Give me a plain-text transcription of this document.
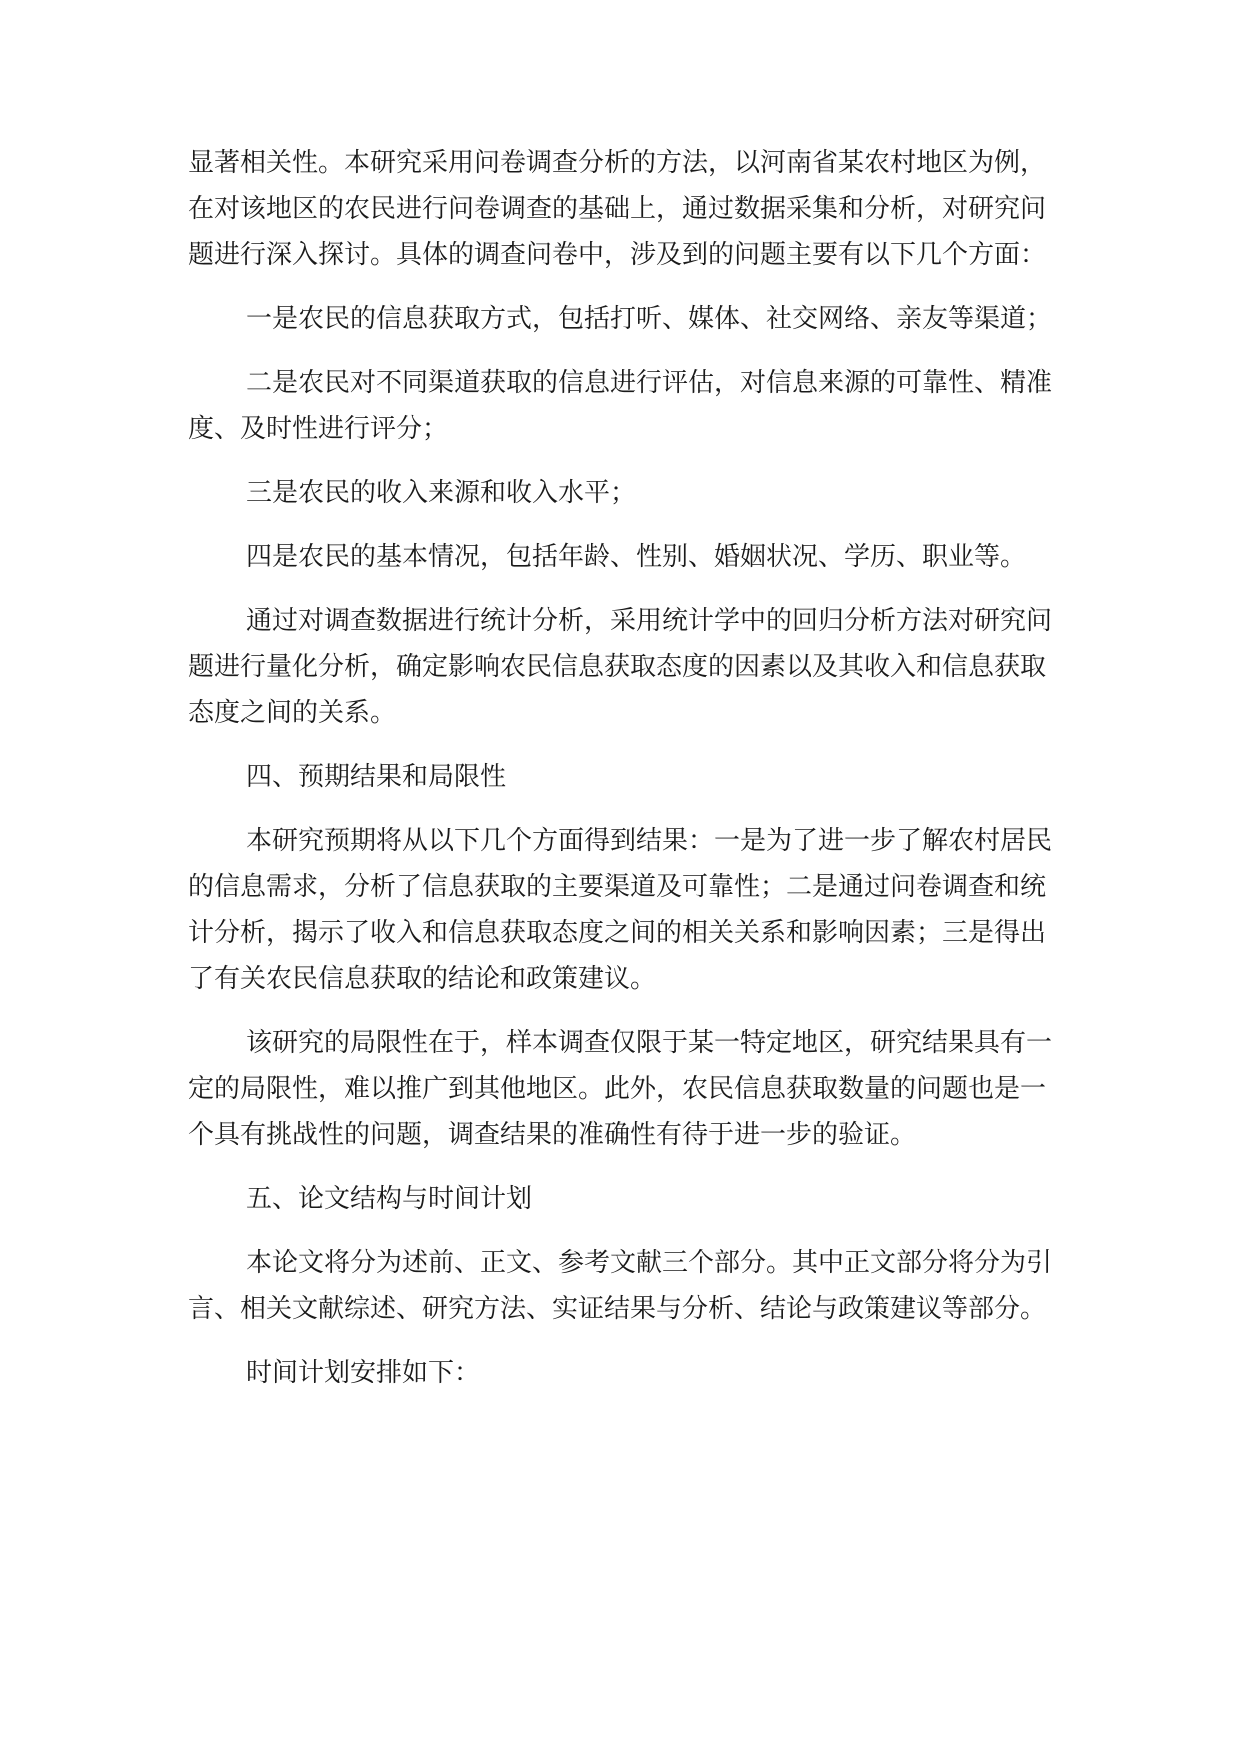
显著相关性。本研究采用问卷调查分析的方法，以河南省某农村地区为例，在对该地区的农民进行问卷调查的基础上，通过数据采集和分析，对研究问题进行深入探讨。具体的调查问卷中，涉及到的问题主要有以下几个方面：

一是农民的信息获取方式，包括打听、媒体、社交网络、亲友等渠道；

二是农民对不同渠道获取的信息进行评估，对信息来源的可靠性、精准度、及时性进行评分；

三是农民的收入来源和收入水平；

四是农民的基本情况，包括年龄、性别、婚姻状况、学历、职业等。

通过对调查数据进行统计分析，采用统计学中的回归分析方法对研究问题进行量化分析，确定影响农民信息获取态度的因素以及其收入和信息获取态度之间的关系。

四、预期结果和局限性

本研究预期将从以下几个方面得到结果：一是为了进一步了解农村居民的信息需求，分析了信息获取的主要渠道及可靠性；二是通过问卷调查和统计分析，揭示了收入和信息获取态度之间的相关关系和影响因素；三是得出了有关农民信息获取的结论和政策建议。

该研究的局限性在于，样本调查仅限于某一特定地区，研究结果具有一定的局限性，难以推广到其他地区。此外，农民信息获取数量的问题也是一个具有挑战性的问题，调查结果的准确性有待于进一步的验证。

五、论文结构与时间计划

本论文将分为述前、正文、参考文献三个部分。其中正文部分将分为引言、相关文献综述、研究方法、实证结果与分析、结论与政策建议等部分。

时间计划安排如下：
